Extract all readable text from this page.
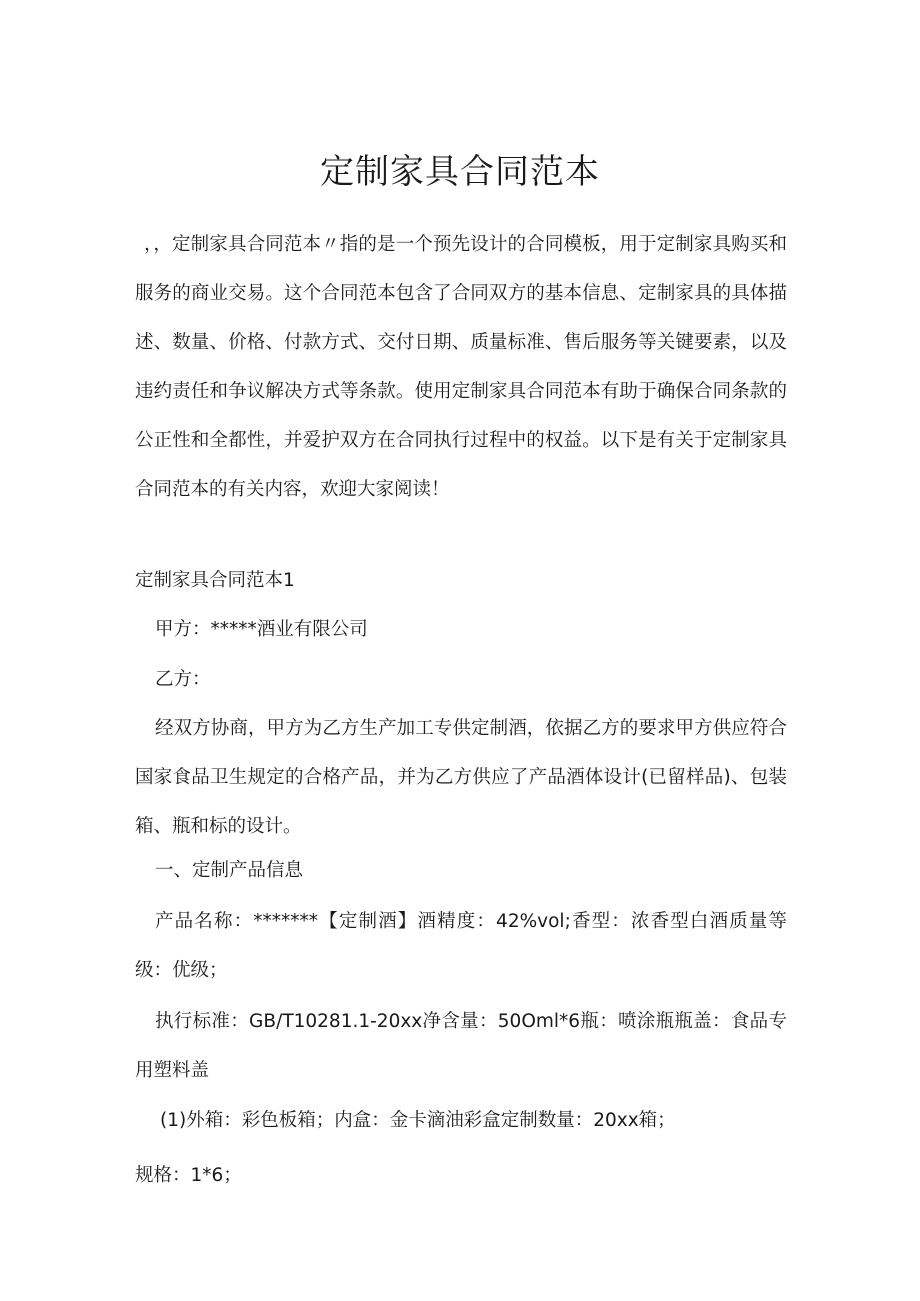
定制家具合同范本
，，定制家具合同范本〃指的是一个预先设计的合同模板，用于定制家具购买和服务的商业交易。这个合同范本包含了合同双方的基本信息、定制家具的具体描述、数量、价格、付款方式、交付日期、质量标准、售后服务等关键要素，以及违约责任和争议解决方式等条款。使用定制家具合同范本有助于确保合同条款的公正性和全都性，并爱护双方在合同执行过程中的权益。以下是有关于定制家具合同范本的有关内容，欢迎大家阅读！
定制家具合同范本1
甲方：*****酒业有限公司
乙方：
经双方协商，甲方为乙方生产加工专供定制酒，依据乙方的要求甲方供应符合国家食品卫生规定的合格产品，并为乙方供应了产品酒体设计(已留样品)、包装箱、瓶和标的设计。
一、定制产品信息
产品名称：*******【定制酒】酒精度：42%vol;香型：浓香型白酒质量等级：优级；
执行标准：GB/T10281.1-20xx净含量：50Oml*6瓶：喷涂瓶瓶盖：食品专用塑料盖
(1)外箱：彩色板箱；内盒：金卡滴油彩盒定制数量：20xx箱；
规格：1*6；
